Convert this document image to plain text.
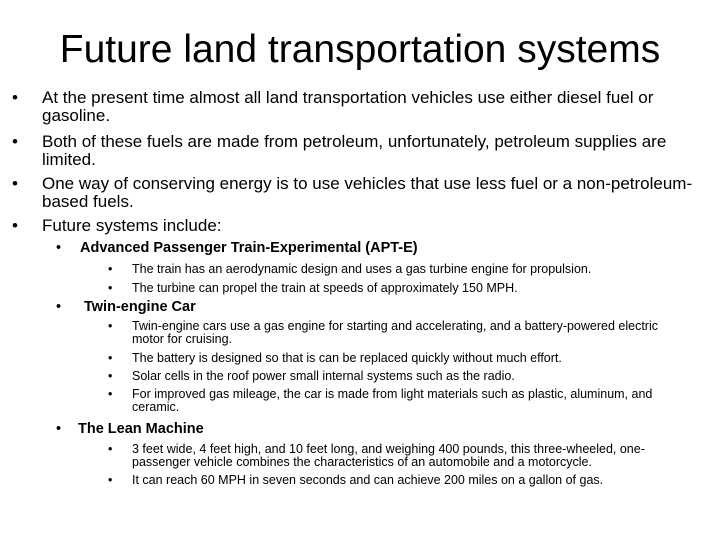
Future land transportation systems
• At the present time almost all land transportation vehicles use either diesel fuel or gasoline.
• Both of these fuels are made from petroleum, unfortunately, petroleum supplies are limited.
• One way of conserving energy is to use vehicles that use less fuel or a non-petroleum-based fuels.
• Future systems include:
• Advanced Passenger Train-Experimental (APT-E)
• The train has an aerodynamic design and uses a gas turbine engine for propulsion.
• The turbine can propel the train at speeds of approximately 150 MPH.
• Twin-engine Car
• Twin-engine cars use a gas engine for starting and accelerating, and a battery-powered electric motor for cruising.
• The battery is designed so that is can be replaced quickly without much effort.
• Solar cells in the roof power small internal systems such as the radio.
• For improved gas mileage, the car is made from light materials such as plastic, aluminum, and ceramic.
• The Lean Machine
• 3 feet wide, 4 feet high, and 10 feet long, and weighing 400 pounds, this three-wheeled, one-passenger vehicle combines the characteristics of an automobile and a motorcycle.
• It can reach 60 MPH in seven seconds and can achieve 200 miles on a gallon of gas.
